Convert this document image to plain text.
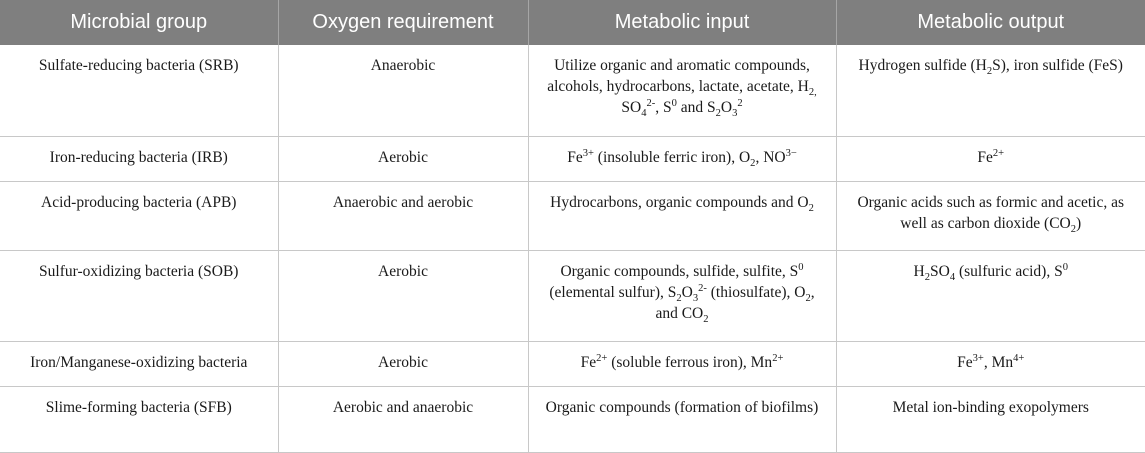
Microbial group	Oxygen requirement	Metabolic input	Metabolic output
Sulfate-reducing bacteria (SRB)	Anaerobic	Utilize organic and aromatic compounds, alcohols, hydrocarbons, lactate, acetate, $H_{2,}$ $SO_4^{2-}$, $S^0$ and $S_2O_3^2$	Hydrogen sulfide $(H_2S)$, iron sulfide (FeS)
Iron-reducing bacteria (IRB)	Aerobic	$Fe^{3+}$ (insoluble ferric iron), $O_2$, $NO^{3-}$	$Fe^{2+}$
Acid-producing bacteria (APB)	Anaerobic and aerobic	Hydrocarbons, organic compounds and $O_2$	Organic acids such as formic and acetic, as well as carbon dioxide $(CO_2)$
Sulfur-oxidizing bacteria (SOB)	Aerobic	Organic compounds, sulfide, sulfite, $S^0$ (elemental sulfur), $S_2O_3^{2-}$ (thiosulfate), $O_2$, and $CO_2$	$H_2SO_4$ (sulfuric acid), $S^0$
Iron/Manganese-oxidizing bacteria	Aerobic	$Fe^{2+}$ (soluble ferrous iron), $Mn^{2+}$	$Fe^{3+}$, $Mn^{4+}$
Slime-forming bacteria (SFB)	Aerobic and anaerobic	Organic compounds (formation of biofilms)	Metal ion-binding exopolymers
